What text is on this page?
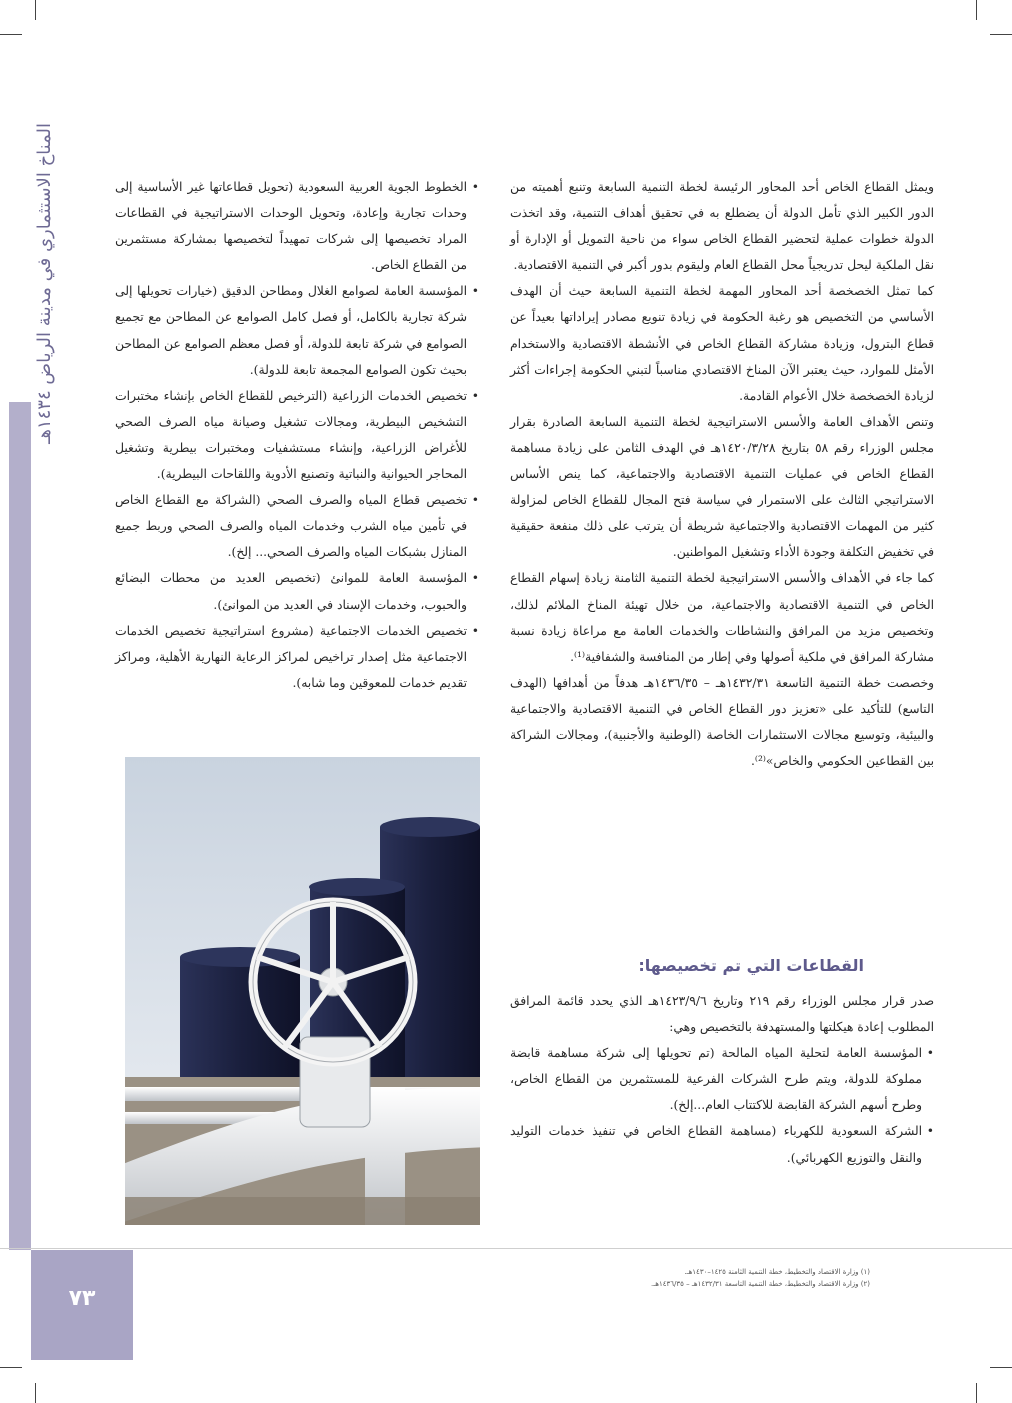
المناخ الاستثماري في مدينة الرياض ١٤٣٤هـ
٧٣

ويمثل القطاع الخاص أحد المحاور الرئيسة لخطة التنمية السابعة وتنبع أهميته من الدور الكبير الذي تأمل الدولة أن يضطلع به في تحقيق أهداف التنمية، وقد اتخذت الدولة خطوات عملية لتحضير القطاع الخاص سواء من ناحية التمويل أو الإدارة أو نقل الملكية ليحل تدريجياً محل القطاع العام وليقوم بدور أكبر في التنمية الاقتصادية.

كما تمثل الخصخصة أحد المحاور المهمة لخطة التنمية السابعة حيث أن الهدف الأساسي من التخصيص هو رغبة الحكومة في زيادة تنويع مصادر إيراداتها بعيداً عن قطاع البترول، وزيادة مشاركة القطاع الخاص في الأنشطة الاقتصادية والاستخدام الأمثل للموارد، حيث يعتبر الآن المناخ الاقتصادي مناسباً لتبني الحكومة إجراءات أكثر لزيادة الخصخصة خلال الأعوام القادمة.

وتنص الأهداف العامة والأسس الاستراتيجية لخطة التنمية السابعة الصادرة بقرار مجلس الوزراء رقم ٥٨ بتاريخ ١٤٢٠/٣/٢٨هـ في الهدف الثامن على زيادة مساهمة القطاع الخاص في عمليات التنمية الاقتصادية والاجتماعية، كما ينص الأساس الاستراتيجي الثالث على الاستمرار في سياسة فتح المجال للقطاع الخاص لمزاولة كثير من المهمات الاقتصادية والاجتماعية شريطة أن يترتب على ذلك منفعة حقيقية في تخفيض التكلفة وجودة الأداء وتشغيل المواطنين.

كما جاء في الأهداف والأسس الاستراتيجية لخطة التنمية الثامنة زيادة إسهام القطاع الخاص في التنمية الاقتصادية والاجتماعية، من خلال تهيئة المناخ الملائم لذلك، وتخصيص مزيد من المرافق والنشاطات والخدمات العامة مع مراعاة زيادة نسبة مشاركة المرافق في ملكية أصولها وفي إطار من المنافسة والشفافية⁽¹⁾.

وخصصت خطة التنمية التاسعة ١٤٣٢/٣١هـ – ١٤٣٦/٣٥هـ هدفاً من أهدافها (الهدف التاسع) للتأكيد على «تعزيز دور القطاع الخاص في التنمية الاقتصادية والاجتماعية والبيئية، وتوسيع مجالات الاستثمارات الخاصة (الوطنية والأجنبية)، ومجالات الشراكة بين القطاعين الحكومي والخاص»⁽²⁾.

القطاعات التي تم تخصيصها:

صدر قرار مجلس الوزراء رقم ٢١٩ وتاريخ ١٤٢٣/٩/٦هـ الذي يحدد قائمة المرافق المطلوب إعادة هيكلتها والمستهدفة بالتخصيص وهي:

• المؤسسة العامة لتحلية المياه المالحة (تم تحويلها إلى شركة مساهمة قابضة مملوكة للدولة، ويتم طرح الشركات الفرعية للمستثمرين من القطاع الخاص، وطرح أسهم الشركة القابضة للاكتتاب العام...إلخ).
• الشركة السعودية للكهرباء (مساهمة القطاع الخاص في تنفيذ خدمات التوليد والنقل والتوزيع الكهربائي).
• الخطوط الجوية العربية السعودية (تحويل قطاعاتها غير الأساسية إلى وحدات تجارية وإعادة، وتحويل الوحدات الاستراتيجية في القطاعات المراد تخصيصها إلى شركات تمهيداً لتخصيصها بمشاركة مستثمرين من القطاع الخاص.
• المؤسسة العامة لصوامع الغلال ومطاحن الدقيق (خيارات تحويلها إلى شركة تجارية بالكامل، أو فصل كامل الصوامع عن المطاحن مع تجميع الصوامع في شركة تابعة للدولة، أو فصل معظم الصوامع عن المطاحن بحيث تكون الصوامع المجمعة تابعة للدولة).
• تخصيص الخدمات الزراعية (الترخيص للقطاع الخاص بإنشاء مختبرات التشخيص البيطرية، ومجالات تشغيل وصيانة مياه الصرف الصحي للأغراض الزراعية، وإنشاء مستشفيات ومختبرات بيطرية وتشغيل المحاجر الحيوانية والنباتية وتصنيع الأدوية واللقاحات البيطرية).
• تخصيص قطاع المياه والصرف الصحي (الشراكة مع القطاع الخاص في تأمين مياه الشرب وخدمات المياه والصرف الصحي وربط جميع المنازل بشبكات المياه والصرف الصحي... إلخ).
• المؤسسة العامة للموانئ (تخصيص العديد من محطات البضائع والحبوب، وخدمات الإسناد في العديد من الموانئ).
• تخصيص الخدمات الاجتماعية (مشروع استراتيجية تخصيص الخدمات الاجتماعية مثل إصدار تراخيص لمراكز الرعاية النهارية الأهلية، ومراكز تقديم خدمات للمعوقين وما شابه).
(١) وزارة الاقتصاد والتخطيط، خطة التنمية الثامنة ١٤٢٥–١٤٣٠هـ.
(٢) وزارة الاقتصاد والتخطيط، خطة التنمية التاسعة ١٤٣٢/٣١هـ – ١٤٣٦/٣٥هـ.
